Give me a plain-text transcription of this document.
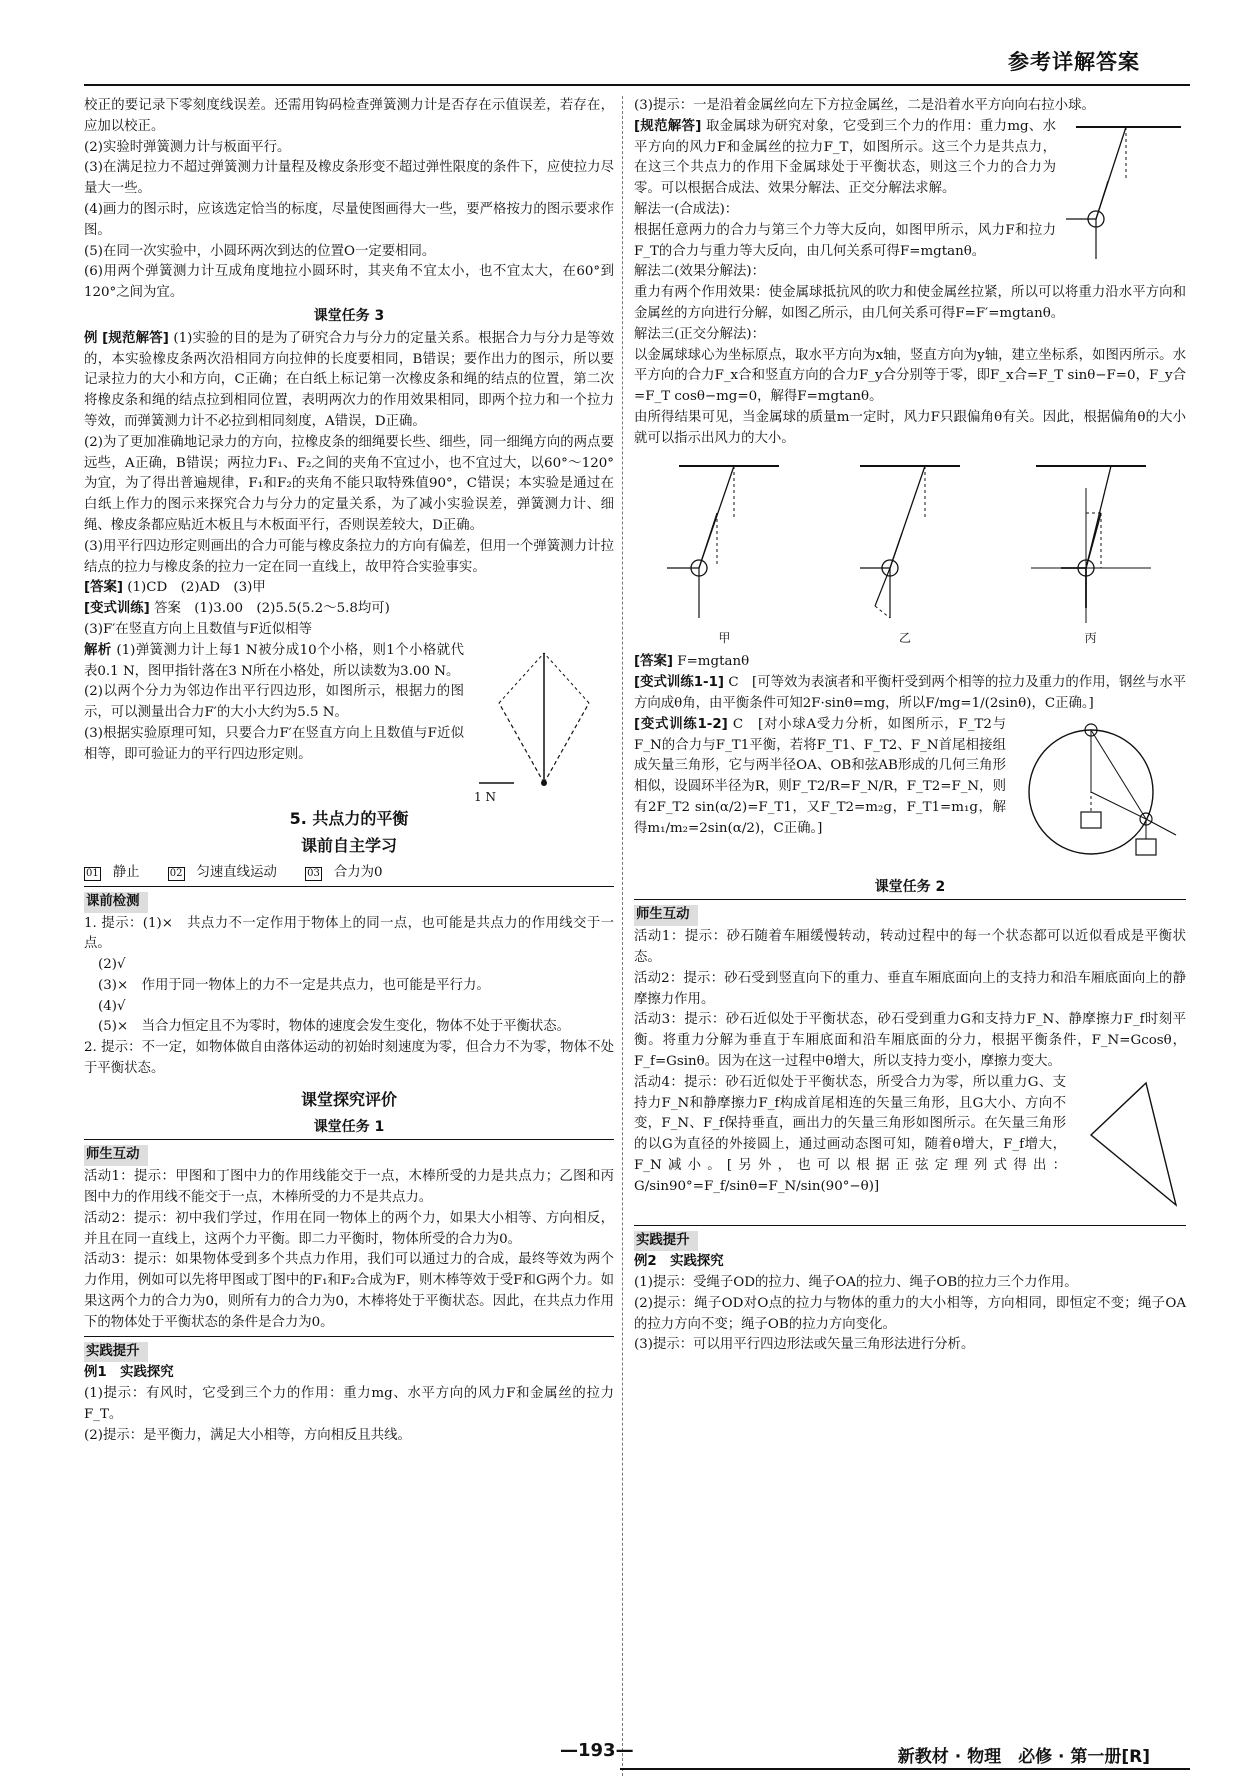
参考详解答案

校正的要记录下零刻度线误差。还需用钩码检查弹簧测力计是否存在示值误差，若存在，应加以校正。

(2)实验时弹簧测力计与板面平行。

(3)在满足拉力不超过弹簧测力计量程及橡皮条形变不超过弹性限度的条件下，应使拉力尽量大一些。

(4)画力的图示时，应该选定恰当的标度，尽量使图画得大一些，要严格按力的图示要求作图。

(5)在同一次实验中，小圆环两次到达的位置O一定要相同。

(6)用两个弹簧测力计互成角度地拉小圆环时，其夹角不宜太小，也不宜太大，在60°到120°之间为宜。

课堂任务 3

例 [规范解答] (1)实验的目的是为了研究合力与分力的定量关系。根据合力与分力是等效的，本实验橡皮条两次沿相同方向拉伸的长度要相同，B错误；要作出力的图示，所以要记录拉力的大小和方向，C正确；在白纸上标记第一次橡皮条和绳的结点的位置，第二次将橡皮条和绳的结点拉到相同位置，表明两次力的作用效果相同，即两个拉力和一个拉力等效，而弹簧测力计不必拉到相同刻度，A错误，D正确。

(2)为了更加准确地记录力的方向，拉橡皮条的细绳要长些、细些，同一细绳方向的两点要远些，A正确，B错误；两拉力F₁、F₂之间的夹角不宜过小，也不宜过大，以60°～120°为宜，为了得出普遍规律，F₁和F₂的夹角不能只取特殊值90°，C错误；本实验是通过在白纸上作力的图示来探究合力与分力的定量关系，为了减小实验误差，弹簧测力计、细绳、橡皮条都应贴近木板且与木板面平行，否则误差较大，D正确。

(3)用平行四边形定则画出的合力可能与橡皮条拉力的方向有偏差，但用一个弹簧测力计拉结点的拉力与橡皮条的拉力一定在同一直线上，故甲符合实验事实。

[答案] (1)CD　(2)AD　(3)甲

[变式训练] 答案　(1)3.00　(2)5.5(5.2～5.8均可)

(3)F′在竖直方向上且数值与F近似相等

1 N

解析 (1)弹簧测力计上每1 N被分成10个小格，则1个小格就代表0.1 N，图甲指针落在3 N所在小格处，所以读数为3.00 N。

(2)以两个分力为邻边作出平行四边形，如图所示，根据力的图示，可以测量出合力F′的大小大约为5.5 N。

(3)根据实验原理可知，只要合力F′在竖直方向上且数值与F近似相等，即可验证力的平行四边形定则。

5. 共点力的平衡
课前自主学习

01 静止	02 匀速直线运动	03 合力为0

课前检测

1. 提示：(1)×　共点力不一定作用于物体上的同一点，也可能是共点力的作用线交于一点。

(2)√

(3)×　作用于同一物体上的力不一定是共点力，也可能是平行力。

(4)√

(5)×　当合力恒定且不为零时，物体的速度会发生变化，物体不处于平衡状态。

2. 提示：不一定，如物体做自由落体运动的初始时刻速度为零，但合力不为零，物体不处于平衡状态。

课堂探究评价
课堂任务 1
师生互动

活动1：提示：甲图和丁图中力的作用线能交于一点，木棒所受的力是共点力；乙图和丙图中力的作用线不能交于一点，木棒所受的力不是共点力。

活动2：提示：初中我们学过，作用在同一物体上的两个力，如果大小相等、方向相反，并且在同一直线上，这两个力平衡。即二力平衡时，物体所受的合力为0。

活动3：提示：如果物体受到多个共点力作用，我们可以通过力的合成，最终等效为两个力作用，例如可以先将甲图或丁图中的F₁和F₂合成为F，则木棒等效于受F和G两个力。如果这两个力的合力为0，则所有力的合力为0，木棒将处于平衡状态。因此，在共点力作用下的物体处于平衡状态的条件是合力为0。

实践提升

例1　实践探究

(1)提示：有风时，它受到三个力的作用：重力mg、水平方向的风力F和金属丝的拉力F_T。

(2)提示：是平衡力，满足大小相等，方向相反且共线。

(3)提示：一是沿着金属丝向左下方拉金属丝，二是沿着水平方向向右拉小球。

[规范解答] 取金属球为研究对象，它受到三个力的作用：重力mg、水平方向的风力F和金属丝的拉力F_T，如图所示。这三个力是共点力，在这三个共点力的作用下金属球处于平衡状态，则这三个力的合力为零。可以根据合成法、效果分解法、正交分解法求解。

解法一(合成法)：

根据任意两力的合力与第三个力等大反向，如图甲所示，风力F和拉力F_T的合力与重力等大反向，由几何关系可得F=mgtanθ。

解法二(效果分解法)：

重力有两个作用效果：使金属球抵抗风的吹力和使金属丝拉紧，所以可以将重力沿水平方向和金属丝的方向进行分解，如图乙所示，由几何关系可得F=F′=mgtanθ。

解法三(正交分解法)：

以金属球球心为坐标原点，取水平方向为x轴，竖直方向为y轴，建立坐标系，如图丙所示。水平方向的合力F_x合和竖直方向的合力F_y合分别等于零，即F_x合=F_T sinθ−F=0，F_y合=F_T cosθ−mg=0，解得F=mgtanθ。

由所得结果可见，当金属球的质量m一定时，风力F只跟偏角θ有关。因此，根据偏角θ的大小就可以指示出风力的大小。

甲	乙	丙

[答案] F=mgtanθ

[变式训练1-1] C　[可等效为表演者和平衡杆受到两个相等的拉力及重力的作用，钢丝与水平方向成θ角，由平衡条件可知2F·sinθ=mg，所以F/mg=1/(2sinθ)，C正确。]

[变式训练1-2] C　[对小球A受力分析，如图所示，F_T2与F_N的合力与F_T1平衡，若将F_T1、F_T2、F_N首尾相接组成矢量三角形，它与两半径OA、OB和弦AB形成的几何三角形相似，设圆环半径为R，则F_T2/R=F_N/R，F_T2=F_N，则有2F_T2 sin(α/2)=F_T1，又F_T2=m₂g，F_T1=m₁g，解得m₁/m₂=2sin(α/2)，C正确。]

课堂任务 2
师生互动

活动1：提示：砂石随着车厢缓慢转动，转动过程中的每一个状态都可以近似看成是平衡状态。

活动2：提示：砂石受到竖直向下的重力、垂直车厢底面向上的支持力和沿车厢底面向上的静摩擦力作用。

活动3：提示：砂石近似处于平衡状态，砂石受到重力G和支持力F_N、静摩擦力F_f时刻平衡。将重力分解为垂直于车厢底面和沿车厢底面的分力，根据平衡条件，F_N=Gcosθ，F_f=Gsinθ。因为在这一过程中θ增大，所以支持力变小，摩擦力变大。

活动4：提示：砂石近似处于平衡状态，所受合力为零，所以重力G、支持力F_N和静摩擦力F_f构成首尾相连的矢量三角形，且G大小、方向不变，F_N、F_f保持垂直，画出力的矢量三角形如图所示。在矢量三角形的以G为直径的外接圆上，通过画动态图可知，随着θ增大，F_f增大，F_N减小。[另外，也可以根据正弦定理列式得出：G/sin90°=F_f/sinθ=F_N/sin(90°−θ)]

实践提升

例2　实践探究

(1)提示：受绳子OD的拉力、绳子OA的拉力、绳子OB的拉力三个力作用。

(2)提示：绳子OD对O点的拉力与物体的重力的大小相等，方向相同，即恒定不变；绳子OA的拉力方向不变；绳子OB的拉力方向变化。

(3)提示：可以用平行四边形法或矢量三角形法进行分析。

—193—	新教材 · 物理　必修 · 第一册[R]
